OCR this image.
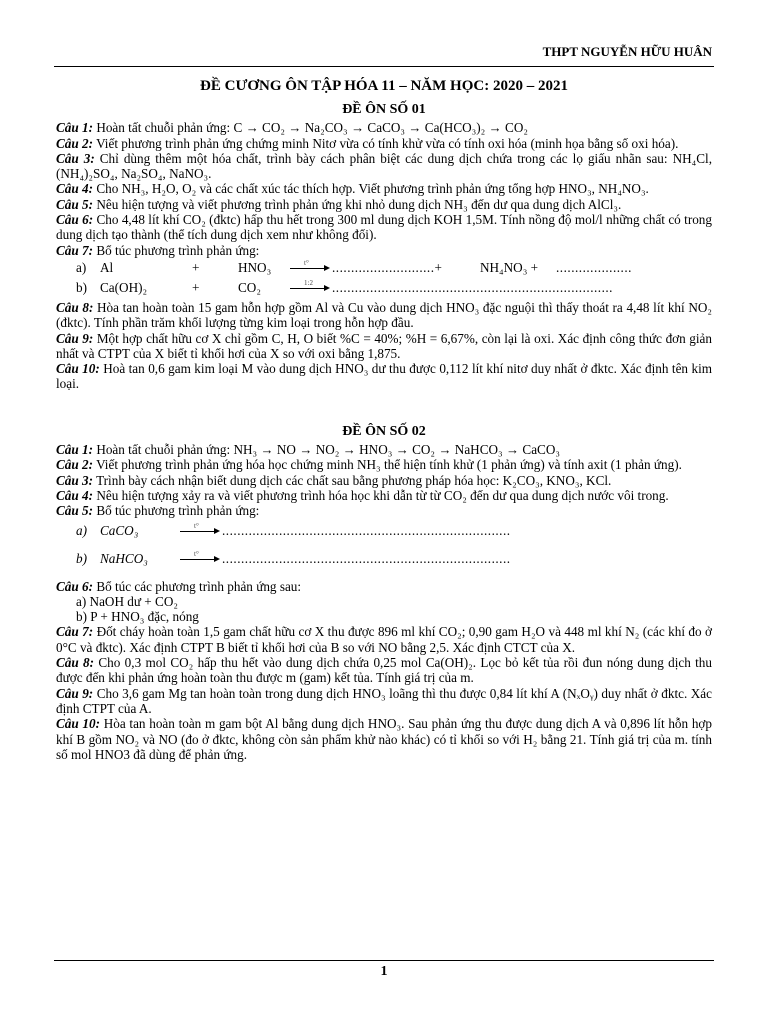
THPT NGUYỄN HỮU HUÂN
ĐỀ CƯƠNG ÔN TẬP HÓA 11 – NĂM HỌC: 2020 – 2021
ĐỀ ÔN SỐ 01

Câu 1: Hoàn tất chuỗi phản ứng: C → CO₂ → Na₂CO₃ → CaCO₃ → Ca(HCO₃)₂ → CO₂

Câu 2: Viết phương trình phản ứng chứng minh Nitơ vừa có tính khử vừa có tính oxi hóa (minh họa bằng số oxi hóa).

Câu 3: Chỉ dùng thêm một hóa chất, trình bày cách phân biệt các dung dịch chứa trong các lọ giấu nhãn sau: NH₄Cl, (NH₄)₂SO₄, Na₂SO₄, NaNO₃.

Câu 4: Cho NH₃, H₂O, O₂ và các chất xúc tác thích hợp. Viết phương trình phản ứng tổng hợp HNO₃, NH₄NO₃.

Câu 5: Nêu hiện tượng và viết phương trình phản ứng khi nhỏ dung dịch NH₃ đến dư qua dung dịch AlCl₃.

Câu 6: Cho 4,48 lít khí CO₂ (đktc) hấp thu hết trong 300 ml dung dịch KOH 1,5M. Tính nồng độ mol/l những chất có trong dung dịch tạo thành (thể tích dung dịch xem như không đổi).

Câu 7: Bổ túc phương trình phản ứng:

a)	Al	+	HNO₃	t° ...........................+	NH₄NO₃ +	....................
b) Ca(OH)₂	+	CO₂	1:2 ..........................................................................

Câu 8: Hòa tan hoàn toàn 15 gam hỗn hợp gồm Al và Cu vào dung dịch HNO₃ đặc nguội thì thấy thoát ra 4,48 lít khí NO₂ (đktc). Tính phần trăm khối lượng từng kim loại trong hỗn hợp đầu.

Câu 9: Một hợp chất hữu cơ X chỉ gồm C, H, O biết %C = 40%; %H = 6,67%, còn lại là oxi. Xác định công thức đơn giản nhất và CTPT của X biết tỉ khối hơi của X so với oxi bằng 1,875.

Câu 10: Hoà tan 0,6 gam kim loại M vào dung dịch HNO₃ dư thu được 0,112 lít khí nitơ duy nhất ở đktc. Xác định tên kim loại.

ĐỀ ÔN SỐ 02

Câu 1: Hoàn tất chuỗi phản ứng: NH₃ → NO → NO₂ → HNO₃ → CO₂ → NaHCO₃ → CaCO₃

Câu 2: Viết phương trình phản ứng hóa học chứng minh NH₃ thể hiện tính khử (1 phản ứng) và tính axit (1 phản ứng).

Câu 3: Trình bày cách nhận biết dung dịch các chất sau bằng phương pháp hóa học: K₂CO₃, KNO₃, KCl.

Câu 4: Nêu hiện tượng xảy ra và viết phương trình hóa học khi dẫn từ từ CO₂ đến dư qua dung dịch nước vôi trong.

Câu 5: Bổ túc phương trình phản ứng:

a) CaCO₃	t° ............................................................................
b) NaHCO₃	t° ............................................................................

Câu 6: Bổ túc các phương trình phản ứng sau:

a) NaOH dư + CO₂
b) P + HNO₃ đặc, nóng

Câu 7: Đốt cháy hoàn toàn 1,5 gam chất hữu cơ X thu được 896 ml khí CO₂; 0,90 gam H₂O và 448 ml khí N₂ (các khí đo ở 0°C và đktc). Xác định CTPT B biết tỉ khối hơi của B so với NO bằng 2,5. Xác định CTCT của X.

Câu 8: Cho 0,3 mol CO₂ hấp thu hết vào dung dịch chứa 0,25 mol Ca(OH)₂. Lọc bỏ kết tủa rồi đun nóng dung dịch thu được đến khi phản ứng hoàn toàn thu được m (gam) kết tủa. Tính giá trị của m.

Câu 9: Cho 3,6 gam Mg tan hoàn toàn trong dung dịch HNO₃ loãng thì thu được 0,84 lít khí A (NₓOᵧ) duy nhất ở đktc. Xác định CTPT của A.

Câu 10: Hòa tan hoàn toàn m gam bột Al bằng dung dịch HNO₃. Sau phản ứng thu được dung dịch A và 0,896 lít hỗn hợp khí B gồm NO₂ và NO (đo ở đktc, không còn sản phẩm khử nào khác) có tỉ khối so với H₂ bằng 21. Tính giá trị của m. tính số mol HNO3 đã dùng để phản ứng.

1
